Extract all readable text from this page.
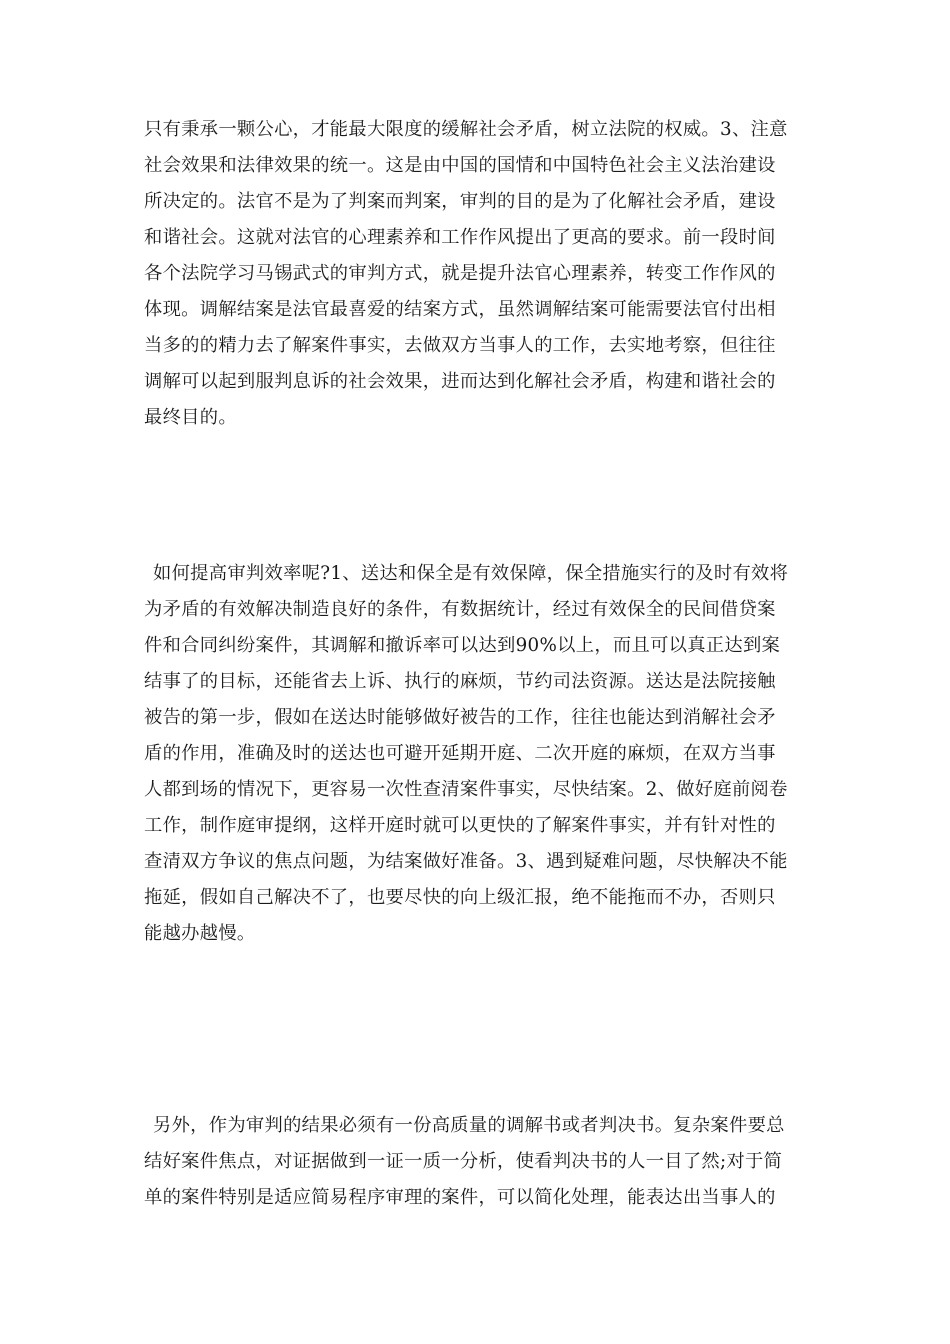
只有秉承一颗公心，才能最大限度的缓解社会矛盾，树立法院的权威。3、注意
社会效果和法律效果的统一。这是由中国的国情和中国特色社会主义法治建设
所决定的。法官不是为了判案而判案，审判的目的是为了化解社会矛盾，建设
和谐社会。这就对法官的心理素养和工作作风提出了更高的要求。前一段时间
各个法院学习马锡武式的审判方式，就是提升法官心理素养，转变工作作风的
体现。调解结案是法官最喜爱的结案方式，虽然调解结案可能需要法官付出相
当多的的精力去了解案件事实，去做双方当事人的工作，去实地考察，但往往
调解可以起到服判息诉的社会效果，进而达到化解社会矛盾，构建和谐社会的
最终目的。
如何提高审判效率呢?1、送达和保全是有效保障，保全措施实行的及时有效将
为矛盾的有效解决制造良好的条件，有数据统计，经过有效保全的民间借贷案
件和合同纠纷案件，其调解和撤诉率可以达到90%以上，而且可以真正达到案
结事了的目标，还能省去上诉、执行的麻烦，节约司法资源。送达是法院接触
被告的第一步，假如在送达时能够做好被告的工作，往往也能达到消解社会矛
盾的作用，准确及时的送达也可避开延期开庭、二次开庭的麻烦，在双方当事
人都到场的情况下，更容易一次性查清案件事实，尽快结案。2、做好庭前阅卷
工作，制作庭审提纲，这样开庭时就可以更快的了解案件事实，并有针对性的
查清双方争议的焦点问题，为结案做好准备。3、遇到疑难问题，尽快解决不能
拖延，假如自己解决不了，也要尽快的向上级汇报，绝不能拖而不办，否则只
能越办越慢。
另外，作为审判的结果必须有一份高质量的调解书或者判决书。复杂案件要总
结好案件焦点，对证据做到一证一质一分析，使看判决书的人一目了然;对于简
单的案件特别是适应简易程序审理的案件，可以简化处理，能表达出当事人的
